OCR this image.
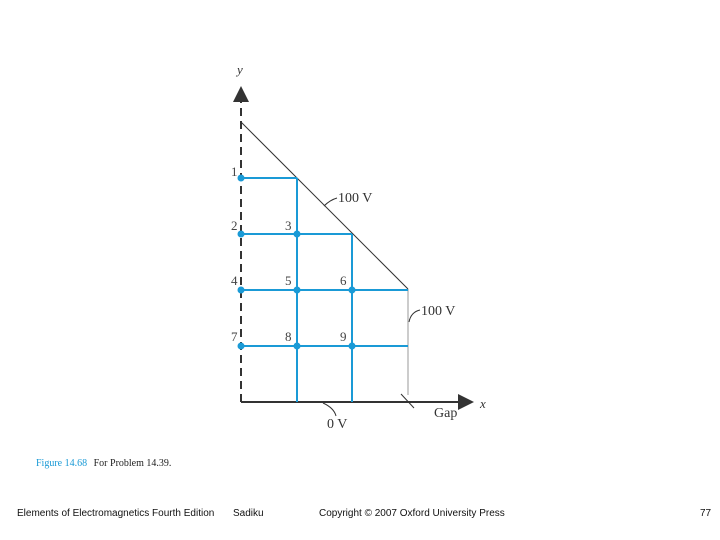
y
x
1
2	3
4	5	6
7	8	9
100 V
100 V
0 V
Gap
Figure 14.68 For Problem 14.39.
Elements of Electromagnetics Fourth Edition Sadiku	Copyright © 2007 Oxford University Press	77
